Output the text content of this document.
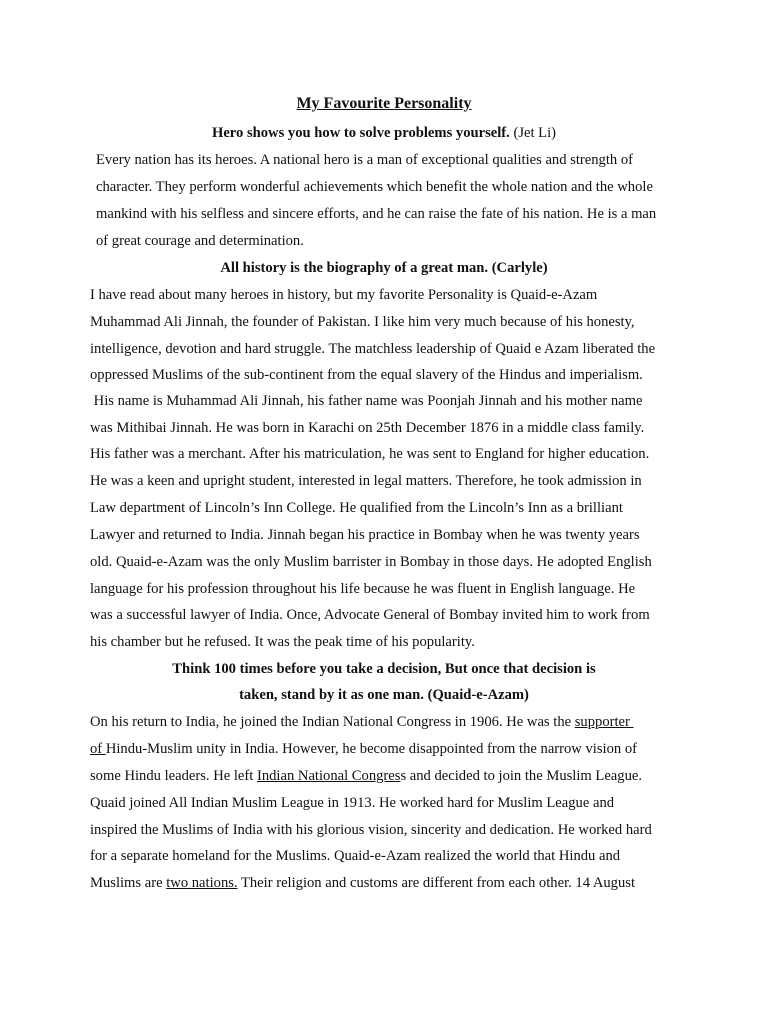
My Favourite Personality
Hero shows you how to solve problems yourself. (Jet Li)
Every nation has its heroes. A national hero is a man of exceptional qualities and strength of
character. They perform wonderful achievements which benefit the whole nation and the whole
mankind with his selfless and sincere efforts, and he can raise the fate of his nation. He is a man
of great courage and determination.
All history is the biography of a great man. (Carlyle)
I have read about many heroes in history, but my favorite Personality is Quaid-e-Azam
Muhammad Ali Jinnah, the founder of Pakistan. I like him very much because of his honesty,
intelligence, devotion and hard struggle. The matchless leadership of Quaid e Azam liberated the
oppressed Muslims of the sub-continent from the equal slavery of the Hindus and imperialism.
His name is Muhammad Ali Jinnah, his father name was Poonjah Jinnah and his mother name
was Mithibai Jinnah. He was born in Karachi on 25th December 1876 in a middle class family.
His father was a merchant. After his matriculation, he was sent to England for higher education.
He was a keen and upright student, interested in legal matters. Therefore, he took admission in
Law department of Lincoln’s Inn College. He qualified from the Lincoln’s Inn as a brilliant
Lawyer and returned to India. Jinnah began his practice in Bombay when he was twenty years
old. Quaid-e-Azam was the only Muslim barrister in Bombay in those days. He adopted English
language for his profession throughout his life because he was fluent in English language. He
was a successful lawyer of India. Once, Advocate General of Bombay invited him to work from
his chamber but he refused. It was the peak time of his popularity.
Think 100 times before you take a decision, But once that decision is
taken, stand by it as one man. (Quaid-e-Azam)
On his return to India, he joined the Indian National Congress in 1906. He was the supporter
of Hindu-Muslim unity in India. However, he become disappointed from the narrow vision of
some Hindu leaders. He left Indian National Congress and decided to join the Muslim League.
Quaid joined All Indian Muslim League in 1913. He worked hard for Muslim League and
inspired the Muslims of India with his glorious vision, sincerity and dedication. He worked hard
for a separate homeland for the Muslims. Quaid-e-Azam realized the world that Hindu and
Muslims are two nations. Their religion and customs are different from each other. 14 August
